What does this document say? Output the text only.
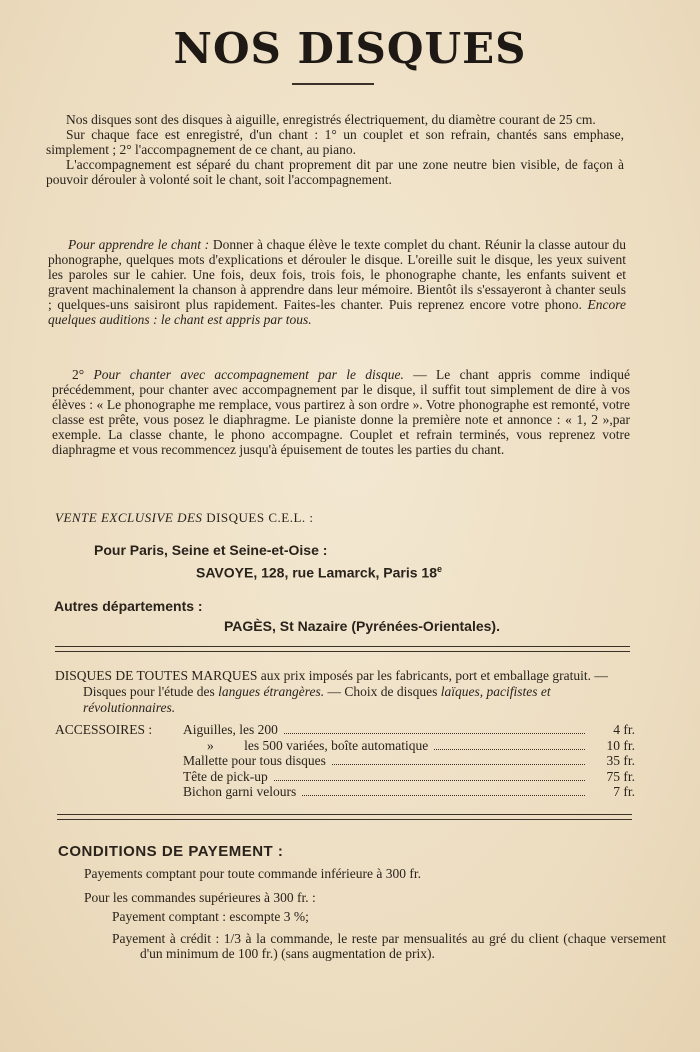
NOS DISQUES

Nos disques sont des disques à aiguille, enregistrés électriquement, du diamètre courant de 25 cm.

Sur chaque face est enregistré, d'un chant : 1° un couplet et son refrain, chantés sans emphase, simplement ; 2° l'accompagnement de ce chant, au piano.

L'accompagnement est séparé du chant proprement dit par une zone neutre bien visible, de façon à pouvoir dérouler à volonté soit le chant, soit l'accompagnement.

Pour apprendre le chant : Donner à chaque élève le texte complet du chant. Réunir la classe autour du phonographe, quelques mots d'explications et dérouler le disque. L'oreille suit le disque, les yeux suivent les paroles sur le cahier. Une fois, deux fois, trois fois, le phonographe chante, les enfants suivent et gravent machinalement la chanson à apprendre dans leur mémoire. Bientôt ils s'essayeront à chanter seuls ; quelques-uns saisiront plus rapidement. Faites-les chanter. Puis reprenez encore votre phono. Encore quelques auditions : le chant est appris par tous.

2° Pour chanter avec accompagnement par le disque. — Le chant appris comme indiqué précédemment, pour chanter avec accompagnement par le disque, il suffit tout simplement de dire à vos élèves : « Le phonographe me remplace, vous partirez à son ordre ». Votre phonographe est remonté, votre classe est prête, vous posez le diaphragme. Le pianiste donne la première note et annonce : « 1, 2 »,par exemple. La classe chante, le phono accompagne. Couplet et refrain terminés, vous reprenez votre diaphragme et vous recommencez jusqu'à épuisement de toutes les parties du chant.

VENTE EXCLUSIVE DES DISQUES C.E.L. :
Pour Paris, Seine et Seine-et-Oise :
SAVOYE, 128, rue Lamarck, Paris 18e
Autres départements :
PAGÈS, St Nazaire (Pyrénées-Orientales).

DISQUES DE TOUTES MARQUES aux prix imposés par les fabricants, port et emballage gratuit. — Disques pour l'étude des langues étrangères. — Choix de disques laïques, pacifistes et révolutionnaires.

ACCESSOIRES :	Aiguilles, les 200	4 fr.
»         les 500 variées, boîte automatique	10 fr.
Mallette pour tous disques	35 fr.
Tête de pick-up	75 fr.
Bichon garni velours	7 fr.
CONDITIONS DE PAYEMENT :
Payements comptant pour toute commande inférieure à 300 fr.
Pour les commandes supérieures à 300 fr. :
Payement comptant : escompte 3 %;
Payement à crédit : 1/3 à la commande, le reste par mensualités au gré du client (chaque versement d'un minimum de 100 fr.) (sans augmentation de prix).
